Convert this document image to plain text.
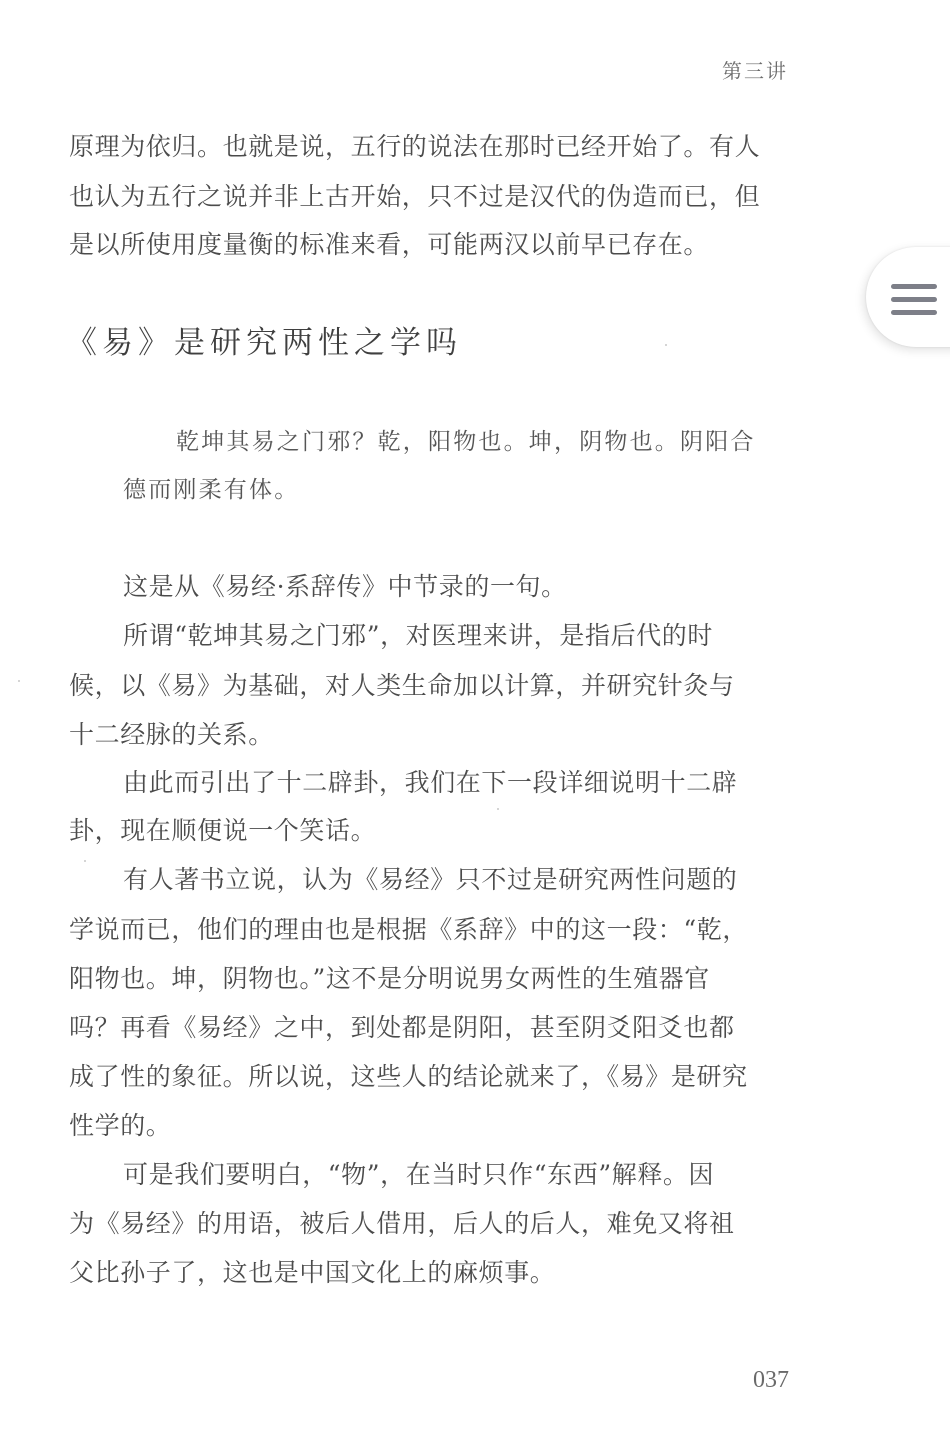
第三讲
原理为依归。也就是说，五行的说法在那时已经开始了。有人
也认为五行之说并非上古开始，只不过是汉代的伪造而已，但
是以所使用度量衡的标准来看，可能两汉以前早已存在。
《易》是研究两性之学吗
乾坤其易之门邪？乾，阳物也。坤，阴物也。阴阳合
德而刚柔有体。
这是从《易经·系辞传》中节录的一句。
所谓“乾坤其易之门邪”，对医理来讲，是指后代的时
候，以《易》为基础，对人类生命加以计算，并研究针灸与
十二经脉的关系。
由此而引出了十二辟卦，我们在下一段详细说明十二辟
卦，现在顺便说一个笑话。
有人著书立说，认为《易经》只不过是研究两性问题的
学说而已，他们的理由也是根据《系辞》中的这一段：“乾，
阳物也。坤，阴物也。”这不是分明说男女两性的生殖器官
吗？再看《易经》之中，到处都是阴阳，甚至阴爻阳爻也都
成了性的象征。所以说，这些人的结论就来了，《易》是研究
性学的。
可是我们要明白，“物”，在当时只作“东西”解释。因
为《易经》的用语，被后人借用，后人的后人，难免又将祖
父比孙子了，这也是中国文化上的麻烦事。
037
